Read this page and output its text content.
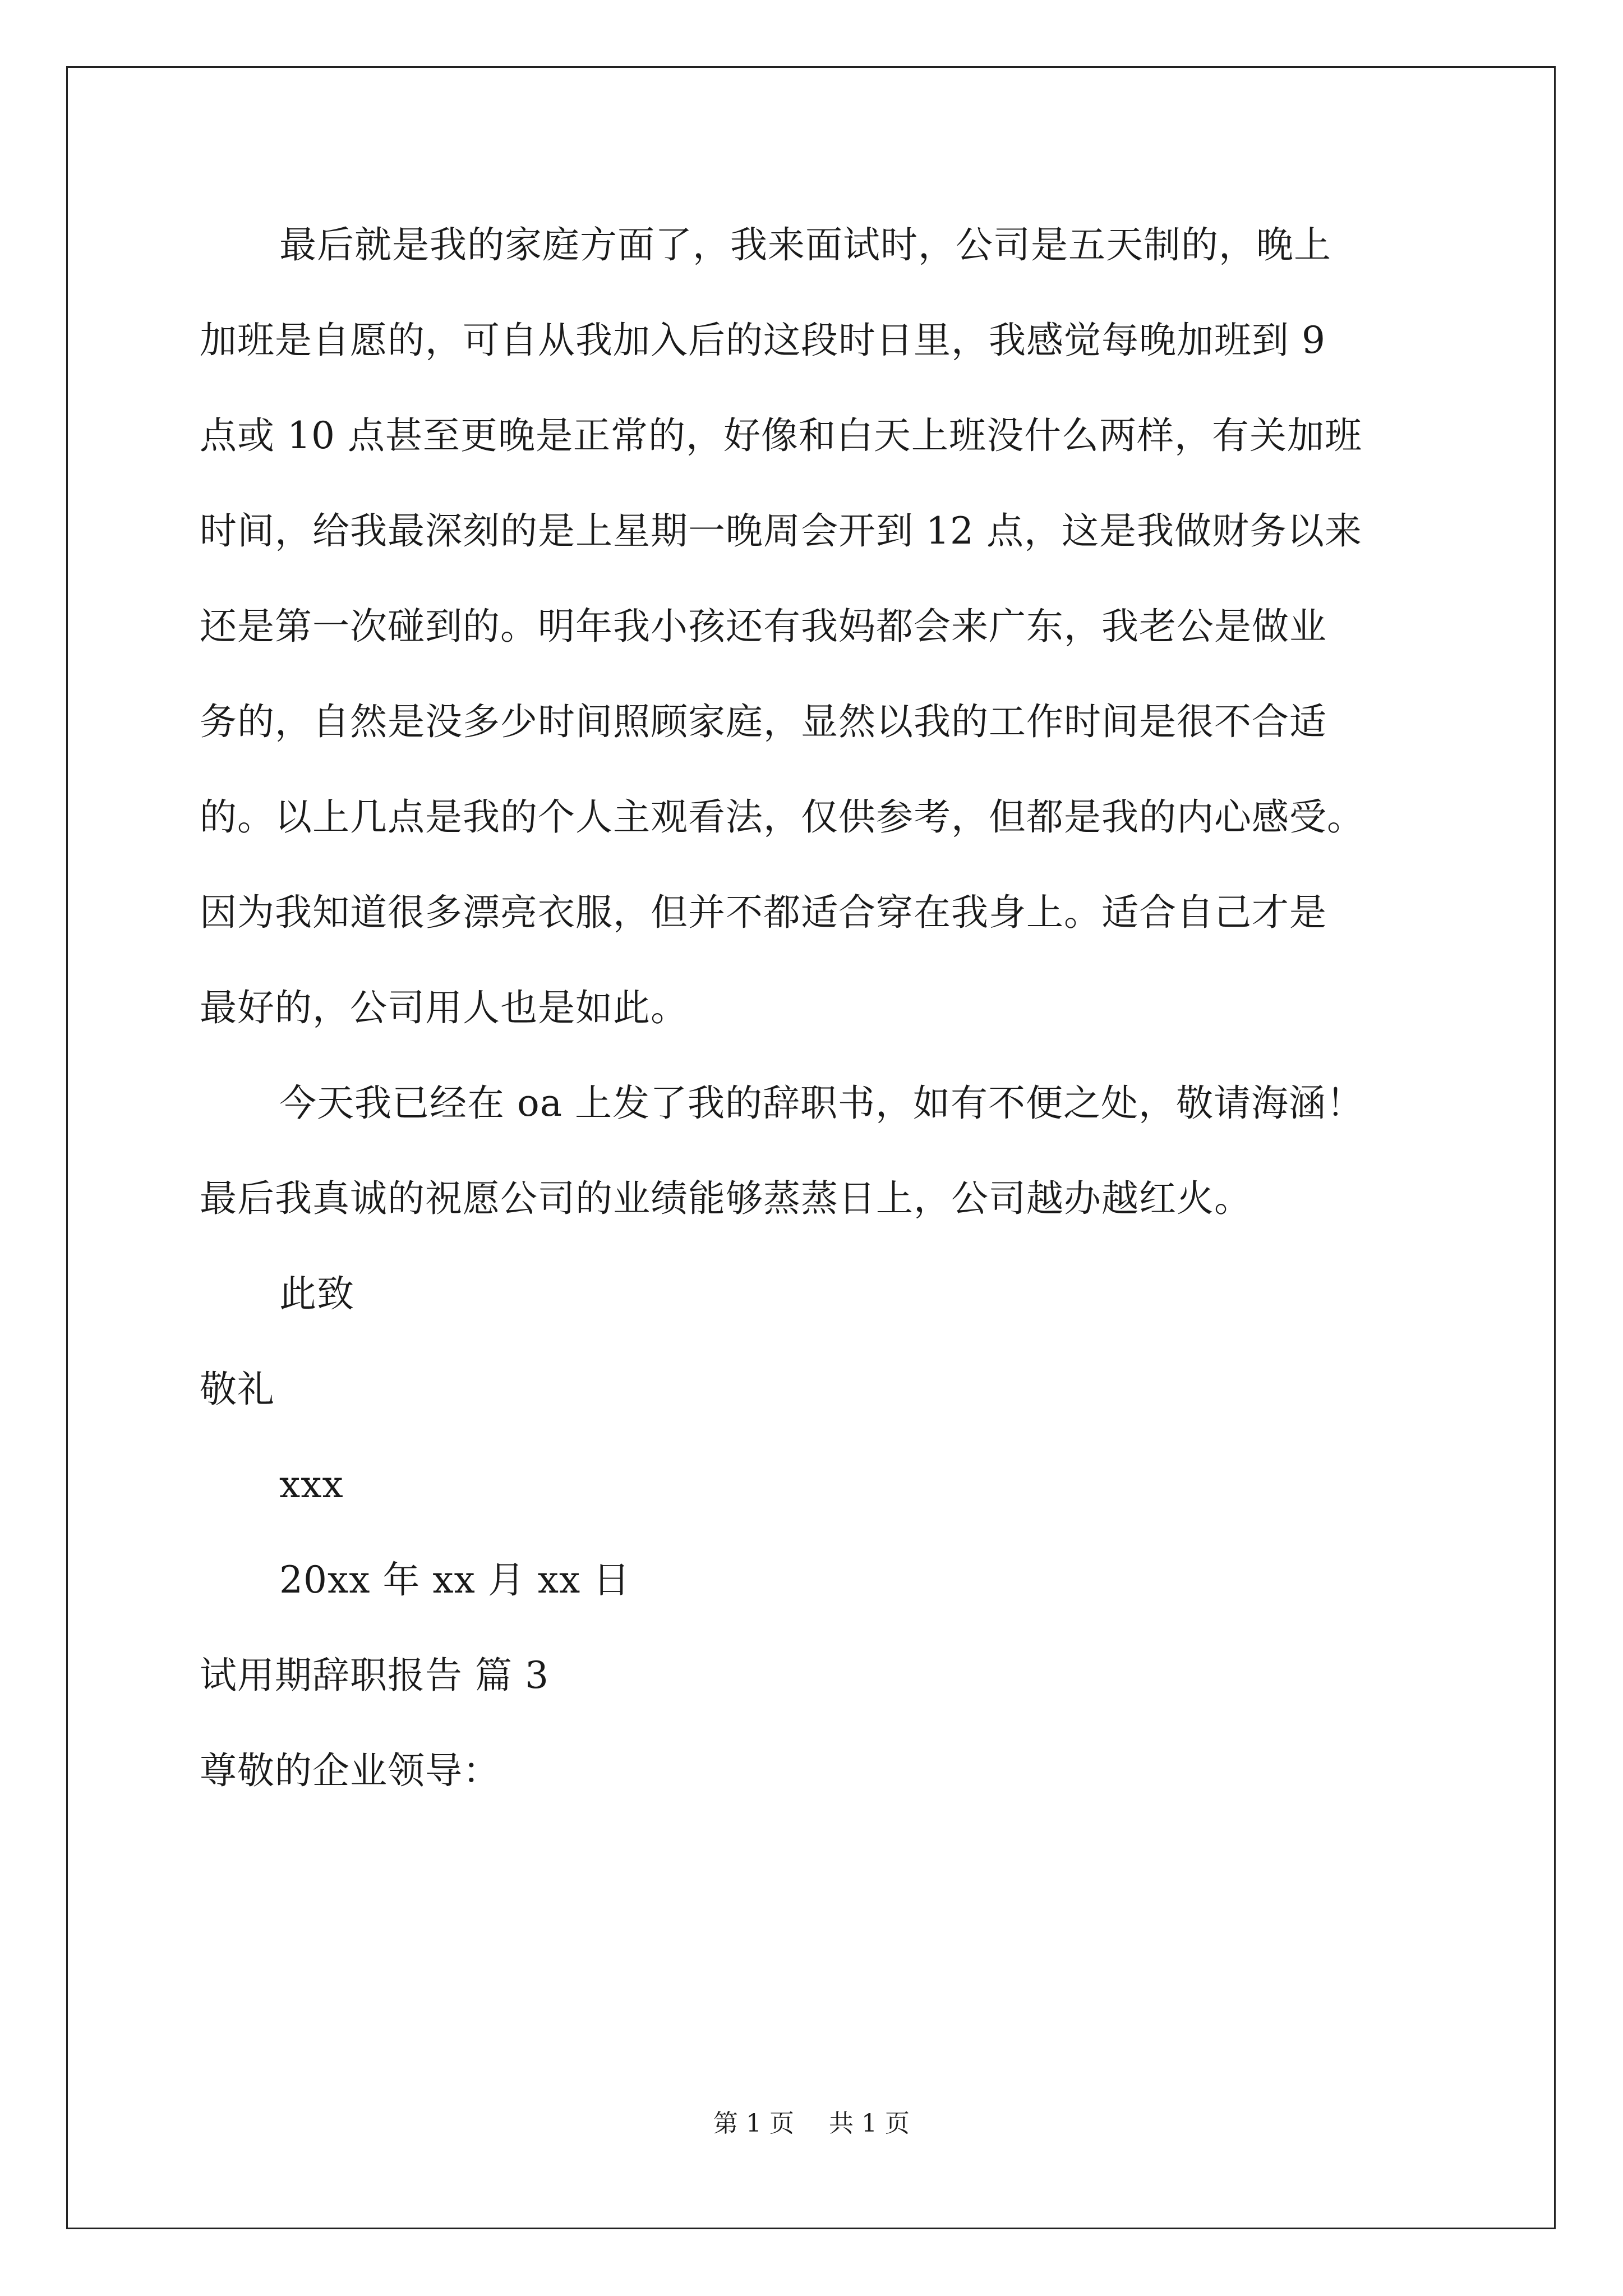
最后就是我的家庭方面了，我来面试时，公司是五天制的，晚上
加班是自愿的，可自从我加入后的这段时日里，我感觉每晚加班到 9
点或 10 点甚至更晚是正常的，好像和白天上班没什么两样，有关加班
时间，给我最深刻的是上星期一晚周会开到 12 点，这是我做财务以来
还是第一次碰到的。明年我小孩还有我妈都会来广东，我老公是做业
务的，自然是没多少时间照顾家庭，显然以我的工作时间是很不合适
的。以上几点是我的个人主观看法，仅供参考，但都是我的内心感受。
因为我知道很多漂亮衣服，但并不都适合穿在我身上。适合自己才是
最好的，公司用人也是如此。
今天我已经在 oa 上发了我的辞职书，如有不便之处，敬请海涵！
最后我真诚的祝愿公司的业绩能够蒸蒸日上，公司越办越红火。
此致
敬礼
xxx
20xx 年 xx 月 xx 日
试用期辞职报告 篇 3
尊敬的企业领导：
第 1 页 共 1 页
